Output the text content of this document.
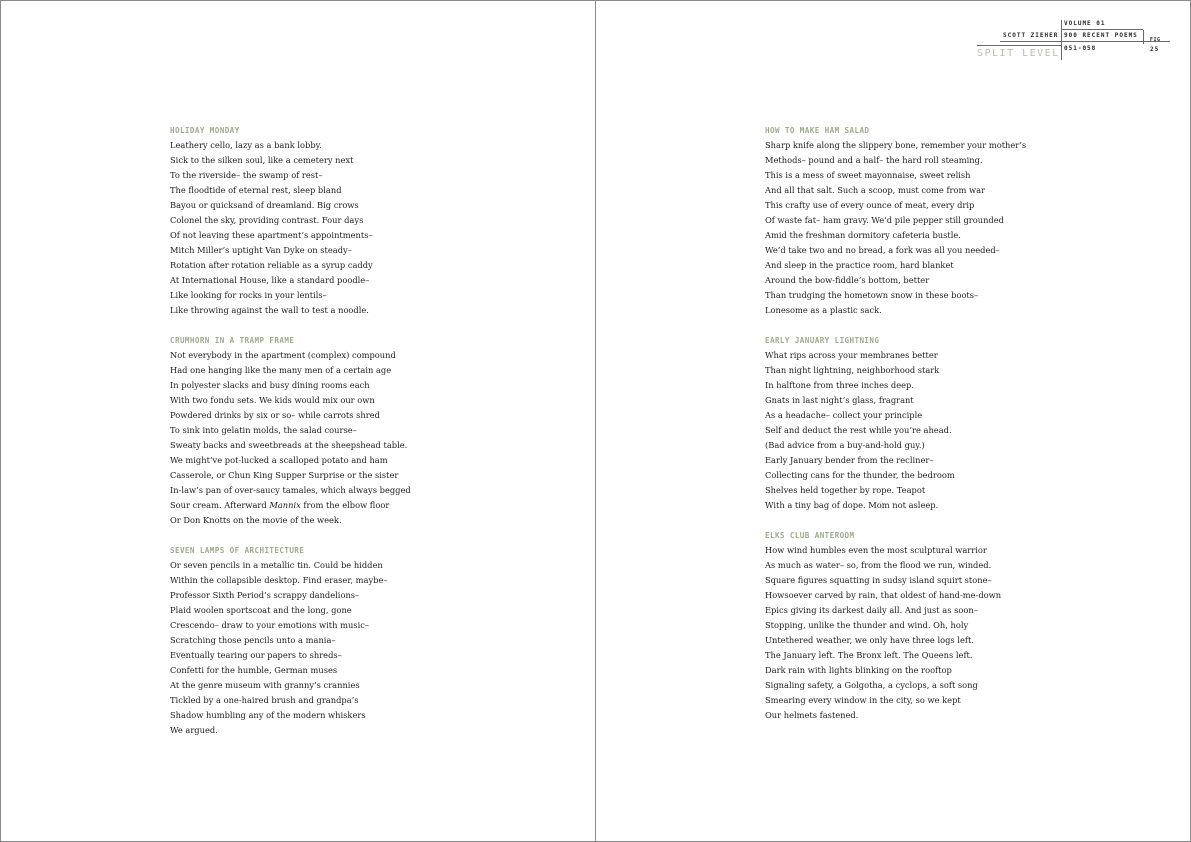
HOLIDAY MONDAY
Leathery cello, lazy as a bank lobby.
Sick to the silken soul, like a cemetery next
To the riverside– the swamp of rest–
The floodtide of eternal rest, sleep bland
Bayou or quicksand of dreamland. Big crows
Colonel the sky, providing contrast. Four days
Of not leaving these apartment’s appointments–
Mitch Miller’s uptight Van Dyke on steady–
Rotation after rotation reliable as a syrup caddy
At International House, like a standard poodle–
Like looking for rocks in your lentils–
Like throwing against the wall to test a noodle.
CRUMHORN IN A TRAMP FRAME
Not everybody in the apartment (complex) compound
Had one hanging like the many men of a certain age
In polyester slacks and busy dining rooms each
With two fondu sets. We kids would mix our own
Powdered drinks by six or so– while carrots shred
To sink into gelatin molds, the salad course–
Sweaty backs and sweetbreads at the sheepshead table.
We might’ve pot-lucked a scalloped potato and ham
Casserole, or Chun King Supper Surprise or the sister
In-law’s pan of over-saucy tamales, which always begged
Sour cream. Afterward Mannix from the elbow floor
Or Don Knotts on the movie of the week.
SEVEN LAMPS OF ARCHITECTURE
Or seven pencils in a metallic tin. Could be hidden
Within the collapsible desktop. Find eraser, maybe–
Professor Sixth Period’s scrappy dandelions–
Plaid woolen sportscoat and the long, gone
Crescendo– draw to your emotions with music–
Scratching those pencils unto a mania–
Eventually tearing our papers to shreds–
Confetti for the humble, German muses
At the genre museum with granny’s crannies
Tickled by a one-haired brush and grandpa’s
Shadow humbling any of the modern whiskers
We argued.
VOLUME 01
SCOTT ZIEHER 900 RECENT POEMS
051-058
FIG
25
SPLIT LEVEL
HOW TO MAKE HAM SALAD
Sharp knife along the slippery bone, remember your mother’s
Methods– pound and a half– the hard roll steaming.
This is a mess of sweet mayonnaise, sweet relish
And all that salt. Such a scoop, must come from war
This crafty use of every ounce of meat, every drip
Of waste fat– ham gravy. We’d pile pepper still grounded
Amid the freshman dormitory cafeteria bustle.
We’d take two and no bread, a fork was all you needed–
And sleep in the practice room, hard blanket
Around the bow-fiddle’s bottom, better
Than trudging the hometown snow in these boots–
Lonesome as a plastic sack.
EARLY JANUARY LIGHTNING
What rips across your membranes better
Than night lightning, neighborhood stark
In halftone from three inches deep.
Gnats in last night’s glass, fragrant
As a headache– collect your principle
Self and deduct the rest while you’re ahead.
(Bad advice from a buy-and-hold guy.)
Early January bender from the recliner–
Collecting cans for the thunder, the bedroom
Shelves held together by rope. Teapot
With a tiny bag of dope. Mom not asleep.
ELKS CLUB ANTEROOM
How wind humbles even the most sculptural warrior
As much as water– so, from the flood we run, winded.
Square figures squatting in sudsy island squirt stone–
Howsoever carved by rain, that oldest of hand-me-down
Epics giving its darkest daily all. And just as soon–
Stopping, unlike the thunder and wind. Oh, holy
Untethered weather, we only have three logs left.
The January left. The Bronx left. The Queens left.
Dark rain with lights blinking on the rooftop
Signaling safety, a Golgotha, a cyclops, a soft song
Smearing every window in the city, so we kept
Our helmets fastened.
